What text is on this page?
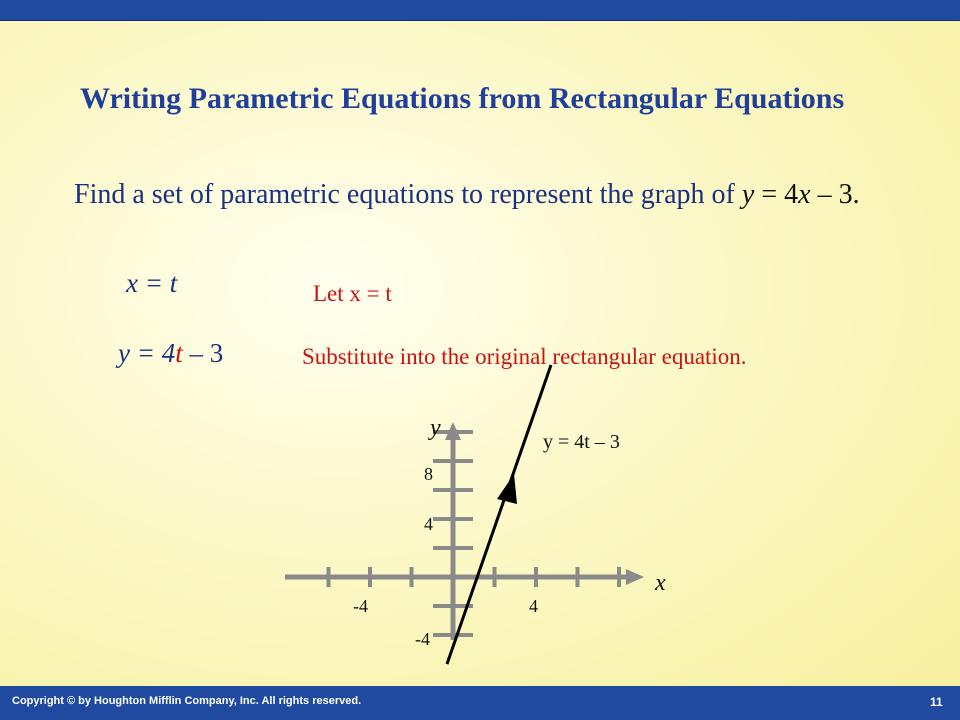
Writing Parametric Equations from Rectangular Equations
Find a set of parametric equations to represent the graph of y = 4x – 3.
x = t	Let x = t
y = 4t – 3	Substitute into the original rectangular equation.
x
y
y = 4t – 3
-4	4
8
4
-4
Copyright © by Houghton Mifflin Company, Inc. All rights reserved.	11
